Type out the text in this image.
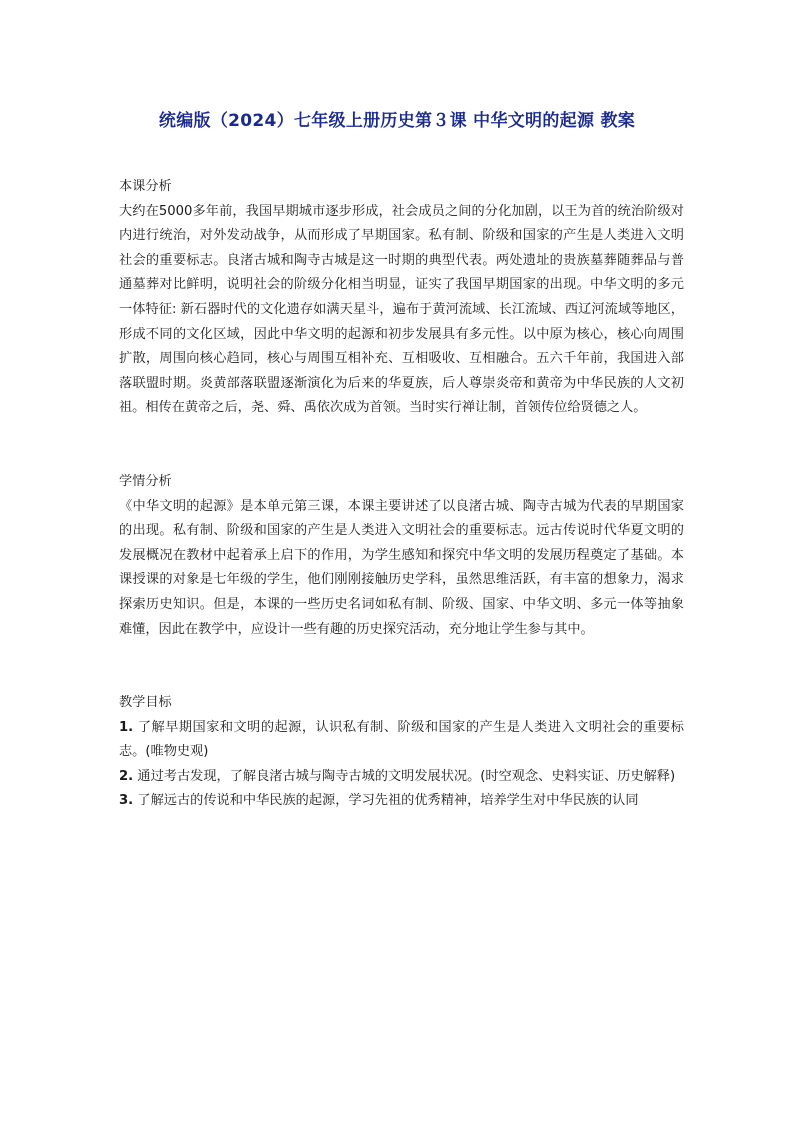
统编版（2024）七年级上册历史第３课 中华文明的起源 教案

本课分析

大约在5000多年前，我国早期城市逐步形成，社会成员之间的分化加剧，以王为首的统治阶级对内进行统治，对外发动战争，从而形成了早期国家。私有制、阶级和国家的产生是人类进入文明社会的重要标志。良渚古城和陶寺古城是这一时期的典型代表。两处遗址的贵族墓葬随葬品与普通墓葬对比鲜明，说明社会的阶级分化相当明显，证实了我国早期国家的出现。中华文明的多元一体特征: 新石器时代的文化遗存如满天星斗，遍布于黄河流域、长江流域、西辽河流域等地区，形成不同的文化区域，因此中华文明的起源和初步发展具有多元性。以中原为核心，核心向周围扩散，周围向核心趋同，核心与周围互相补充、互相吸收、互相融合。五六千年前，我国进入部落联盟时期。炎黄部落联盟逐渐演化为后来的华夏族，后人尊崇炎帝和黄帝为中华民族的人文初祖。相传在黄帝之后，尧、舜、禹依次成为首领。当时实行禅让制，首领传位给贤德之人。

学情分析

《中华文明的起源》是本单元第三课，本课主要讲述了以良渚古城、陶寺古城为代表的早期国家的出现。私有制、阶级和国家的产生是人类进入文明社会的重要标志。远古传说时代华夏文明的发展概况在教材中起着承上启下的作用，为学生感知和探究中华文明的发展历程奠定了基础。本课授课的对象是七年级的学生，他们刚刚接触历史学科，虽然思维活跃，有丰富的想象力，渴求探索历史知识。但是，本课的一些历史名词如私有制、阶级、国家、中华文明、多元一体等抽象难懂，因此在教学中，应设计一些有趣的历史探究活动，充分地让学生参与其中。

教学目标

1. 了解早期国家和文明的起源，认识私有制、阶级和国家的产生是人类进入文明社会的重要标志。(唯物史观)

2. 通过考古发现，了解良渚古城与陶寺古城的文明发展状况。(时空观念、史料实证、历史解释)

3. 了解远古的传说和中华民族的起源，学习先祖的优秀精神，培养学生对中华民族的认同
